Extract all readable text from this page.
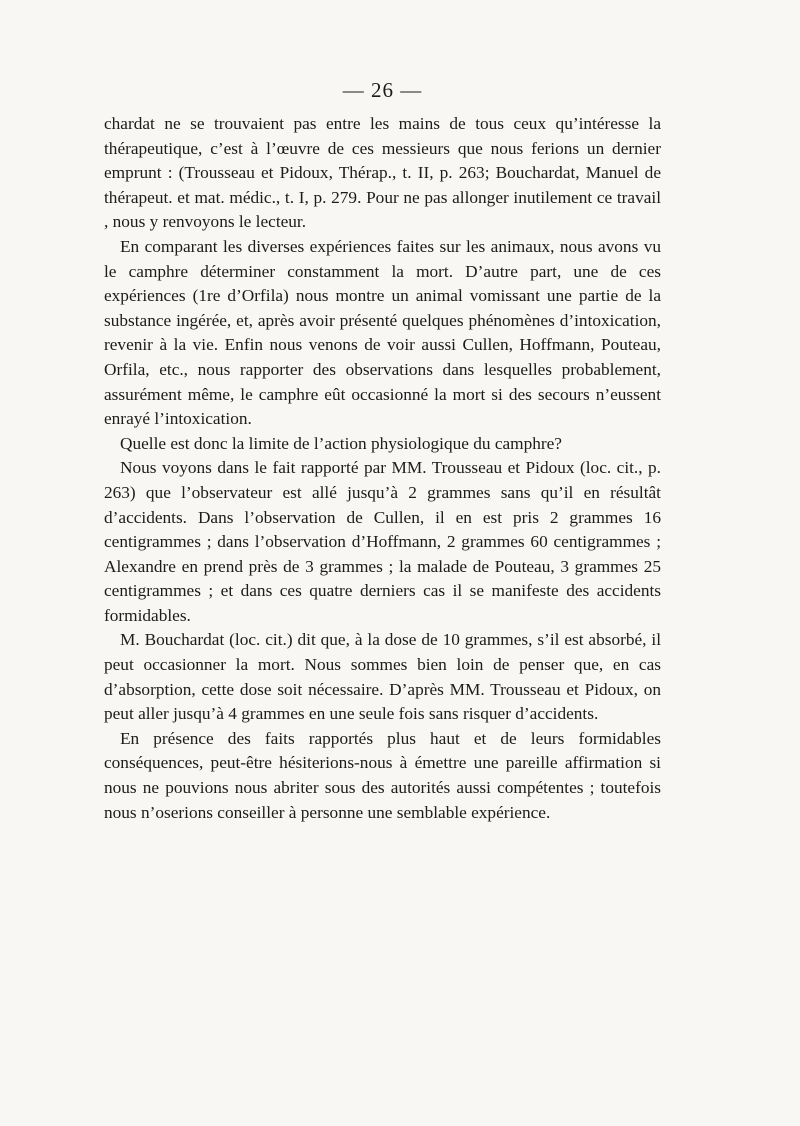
— 26 —

chardat ne se trouvaient pas entre les mains de tous ceux qu’intéresse la thérapeutique, c’est à l’œuvre de ces messieurs que nous ferions un dernier emprunt : (Trousseau et Pidoux, Thérap., t. II, p. 263; Bouchardat, Manuel de thérapeut. et mat. médic., t. I, p. 279. Pour ne pas allonger inutilement ce travail , nous y renvoyons le lecteur.

En comparant les diverses expériences faites sur les animaux, nous avons vu le camphre déterminer constamment la mort. D’autre part, une de ces expériences (1re d’Orfila) nous montre un animal vomissant une partie de la substance ingérée, et, après avoir présenté quelques phénomènes d’intoxication, revenir à la vie. Enfin nous venons de voir aussi Cullen, Hoffmann, Pouteau, Orfila, etc., nous rapporter des observations dans lesquelles probablement, assurément même, le camphre eût occasionné la mort si des secours n’eussent enrayé l’intoxication.

Quelle est donc la limite de l’action physiologique du camphre?

Nous voyons dans le fait rapporté par MM. Trousseau et Pidoux (loc. cit., p. 263) que l’observateur est allé jusqu’à 2 grammes sans qu’il en résultât d’accidents. Dans l’observation de Cullen, il en est pris 2 grammes 16 centigrammes ; dans l’observation d’Hoffmann, 2 grammes 60 centigrammes ; Alexandre en prend près de 3 grammes ; la malade de Pouteau, 3 grammes 25 centigrammes ; et dans ces quatre derniers cas il se manifeste des accidents formidables.

M. Bouchardat (loc. cit.) dit que, à la dose de 10 grammes, s’il est absorbé, il peut occasionner la mort. Nous sommes bien loin de penser que, en cas d’absorption, cette dose soit nécessaire. D’après MM. Trousseau et Pidoux, on peut aller jusqu’à 4 grammes en une seule fois sans risquer d’accidents.

En présence des faits rapportés plus haut et de leurs formidables conséquences, peut-être hésiterions-nous à émettre une pareille affirmation si nous ne pouvions nous abriter sous des autorités aussi compétentes ; toutefois nous n’oserions conseiller à personne une semblable expérience.
